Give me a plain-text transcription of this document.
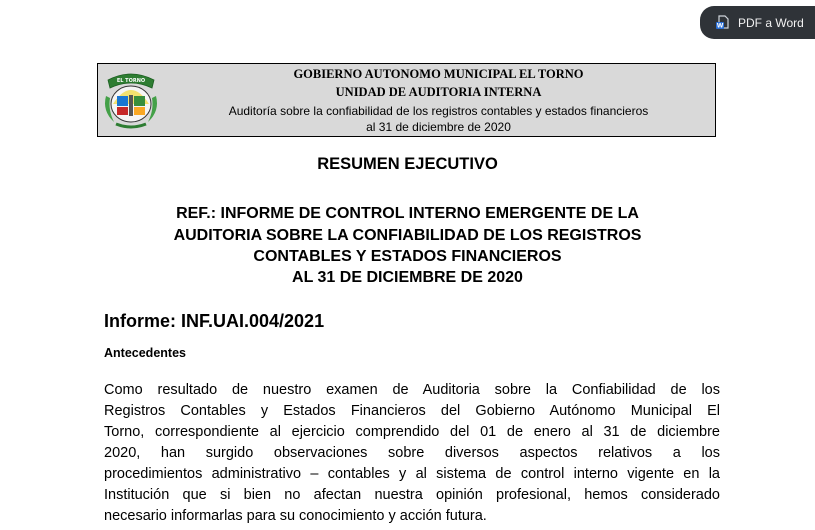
W PDF a Word
EL TORNO	GOBIERNO AUTONOMO MUNICIPAL EL TORNO
UNIDAD DE AUDITORIA INTERNA
Auditoría sobre la confiabilidad de los registros contables y estados financieros
al 31 de diciembre de 2020
RESUMEN EJECUTIVO
REF.: INFORME DE CONTROL INTERNO EMERGENTE DE LA
AUDITORIA SOBRE LA CONFIABILIDAD DE LOS REGISTROS
CONTABLES Y ESTADOS FINANCIEROS
AL 31 DE DICIEMBRE DE 2020
Informe: INF.UAI.004/2021
Antecedentes
Como resultado de nuestro examen de Auditoria sobre la Confiabilidad de los
Registros Contables y Estados Financieros del Gobierno Autónomo Municipal El
Torno, correspondiente al ejercicio comprendido del 01 de enero al 31 de diciembre
2020, han surgido observaciones sobre diversos aspectos relativos a los
procedimientos administrativo – contables y al sistema de control interno vigente en la
Institución que si bien no afectan nuestra opinión profesional, hemos considerado
necesario informarlas para su conocimiento y acción futura.
